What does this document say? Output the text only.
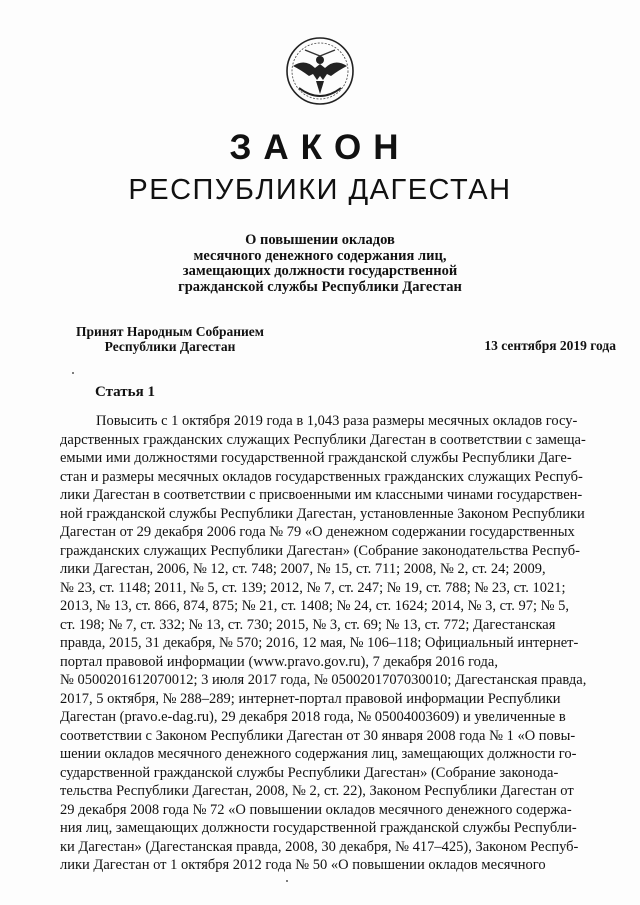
ЗАКОН
РЕСПУБЛИКИ ДАГЕСТАН
О повышении окладов
месячного денежного содержания лиц,
замещающих должности государственной
гражданской службы Республики Дагестан
Принят Народным Собранием
Республики Дагестан	13 сентября 2019 года
Статья 1
Повысить с 1 октября 2019 года в 1,043 раза размеры месячных окладов госу-
дарственных гражданских служащих Республики Дагестан в соответствии с замеща-
емыми ими должностями государственной гражданской службы Республики Даге-
стан и размеры месячных окладов государственных гражданских служащих Респуб-
лики Дагестан в соответствии с присвоенными им классными чинами государствен-
ной гражданской службы Республики Дагестан, установленные Законом Республики
Дагестан от 29 декабря 2006 года № 79 «О денежном содержании государственных
гражданских служащих Республики Дагестан» (Собрание законодательства Респуб-
лики Дагестан, 2006, № 12, ст. 748; 2007, № 15, ст. 711; 2008, № 2, ст. 24; 2009,
№ 23, ст. 1148; 2011, № 5, ст. 139; 2012, № 7, ст. 247; № 19, ст. 788; № 23, ст. 1021;
2013, № 13, ст. 866, 874, 875; № 21, ст. 1408; № 24, ст. 1624; 2014, № 3, ст. 97; № 5,
ст. 198; № 7, ст. 332; № 13, ст. 730; 2015, № 3, ст. 69; № 13, ст. 772; Дагестанская
правда, 2015, 31 декабря, № 570; 2016, 12 мая, № 106–118; Официальный интернет-
портал правовой информации (www.pravo.gov.ru), 7 декабря 2016 года,
№ 0500201612070012; 3 июля 2017 года, № 0500201707030010; Дагестанская правда,
2017, 5 октября, № 288–289; интернет-портал правовой информации Республики
Дагестан (pravo.e-dag.ru), 29 декабря 2018 года, № 05004003609) и увеличенные в
соответствии с Законом Республики Дагестан от 30 января 2008 года № 1 «О повы-
шении окладов месячного денежного содержания лиц, замещающих должности го-
сударственной гражданской службы Республики Дагестан» (Собрание законода-
тельства Республики Дагестан, 2008, № 2, ст. 22), Законом Республики Дагестан от
29 декабря 2008 года № 72 «О повышении окладов месячного денежного содержа-
ния лиц, замещающих должности государственной гражданской службы Республи-
ки Дагестан» (Дагестанская правда, 2008, 30 декабря, № 417–425), Законом Респуб-
лики Дагестан от 1 октября 2012 года № 50 «О повышении окладов месячного
